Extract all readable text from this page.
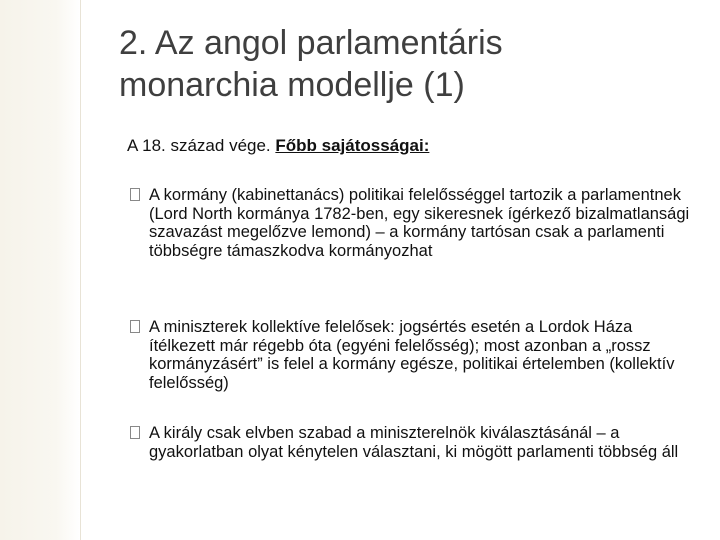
2. Az angol parlamentáris
monarchia modellje (1)

A 18. század vége. Főbb sajátosságai:

A kormány (kabinettanács) politikai felelősséggel tartozik a parlamentnek (Lord North kormánya 1782-ben, egy sikeresnek ígérkező bizalmatlansági szavazást megelőzve lemond) – a kormány tartósan csak a parlamenti többségre támaszkodva kormányozhat
A miniszterek kollektíve felelősek: jogsértés esetén a Lordok Háza ítélkezett már régebb óta (egyéni felelősség); most azonban a „rossz kormányzásért” is felel a kormány egésze, politikai értelemben (kollektív felelősség)
A király csak elvben szabad a miniszterelnök kiválasztásánál – a gyakorlatban olyat kénytelen választani, ki mögött parlamenti többség áll
